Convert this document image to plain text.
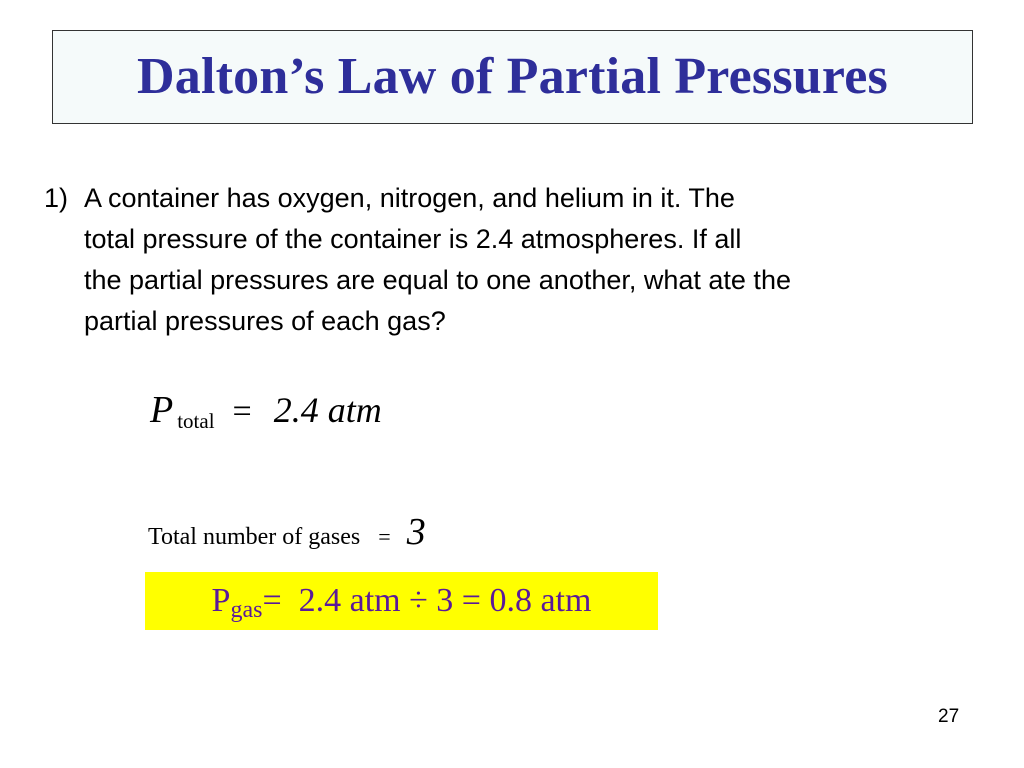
Dalton’s Law of Partial Pressures
1) A container has oxygen, nitrogen, and helium in it. The
total pressure of the container is 2.4 atmospheres. If all
the partial pressures are equal to one another, what ate the
partial pressures of each gas?
Ptotal = 2.4 atm
Total number of gases = 3
P gas =  2.4 atm ÷ 3 = 0.8 atm
27
